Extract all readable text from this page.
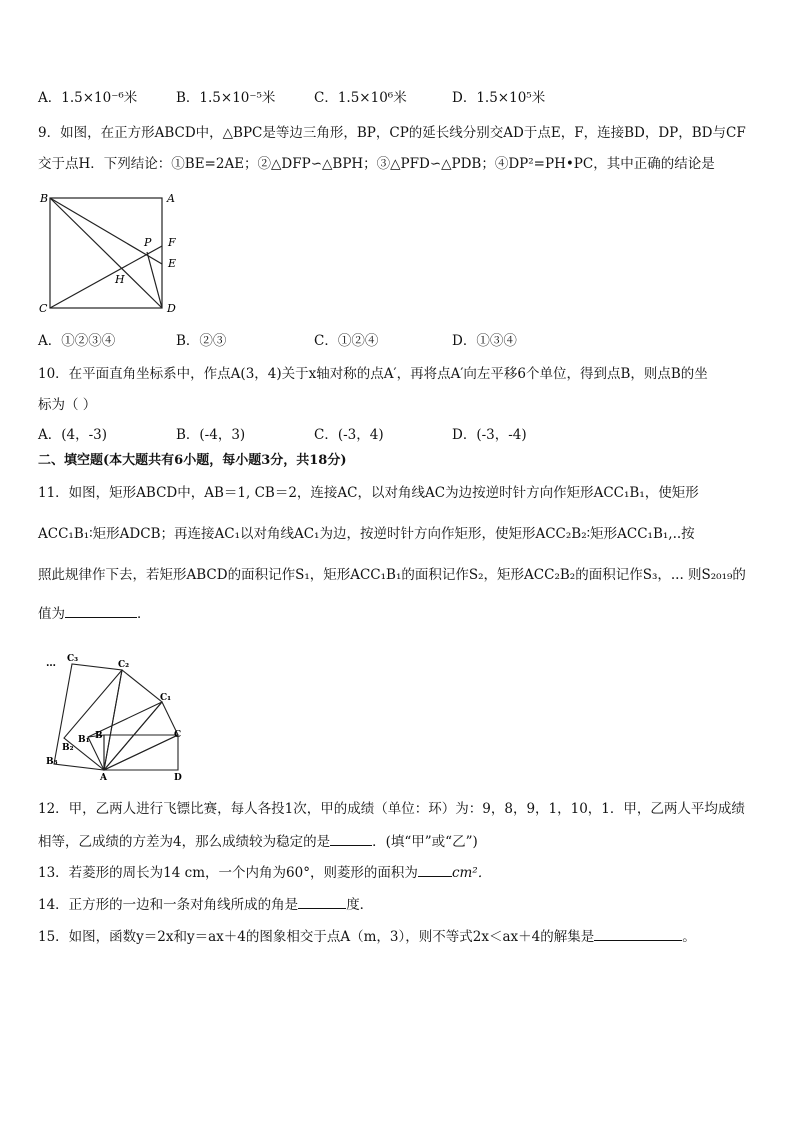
A．1.5×10⁻⁶米	B．1.5×10⁻⁵米	C．1.5×10⁶米	D．1.5×10⁵米
9．如图，在正方形ABCD中，△BPC是等边三角形，BP，CP的延长线分别交AD于点E，F，连接BD，DP，BD与CF
交于点H．下列结论：①BE=2AE；②△DFP∽△BPH；③△PFD∽△PDB；④DP²=PH•PC，其中正确的结论是
B	A
C	D
P F
E
H
A．①②③④	B．②③	C．①②④	D．①③④
10．在平面直角坐标系中，作点A(3，4)关于x轴对称的点A′，再将点A′向左平移6个单位，得到点B，则点B的坐
标为（ ）
A．(4，-3)	B．(-4，3)	C．(-3，4)	D．(-3，-4)
二、填空题(本大题共有6小题，每小题3分，共18分)
11．如图，矩形ABCD中，AB＝1, CB＝2，连接AC，以对角线AC为边按逆时针方向作矩形ACC₁B₁，使矩形
ACC₁B₁∶矩形ADCB；再连接AC₁以对角线AC₁为边，按逆时针方向作矩形，使矩形ACC₂B₂∶矩形ACC₁B₁,..按
照此规律作下去，若矩形ABCD的面积记作S₁，矩形ACC₁B₁的面积记作S₂，矩形ACC₂B₂的面积记作S₃，... 则S₂₀₁₉的
值为	．
… C₃
C₂
C₁
C
B
B₁
B₂
B₃
A	D
12．甲，乙两人进行飞镖比赛，每人各投1次，甲的成绩（单位：环）为：9，8，9，1，10，1．甲，乙两人平均成绩
相等，乙成绩的方差为4，那么成绩较为稳定的是	．(填“甲”或“乙”)
13．若菱形的周长为14 cm，一个内角为60°，则菱形的面积为	cm²．
14．正方形的一边和一条对角线所成的角是	度．
15．如图，函数y＝2x和y＝ax＋4的图象相交于点A（m，3），则不等式2x＜ax＋4的解集是	。
